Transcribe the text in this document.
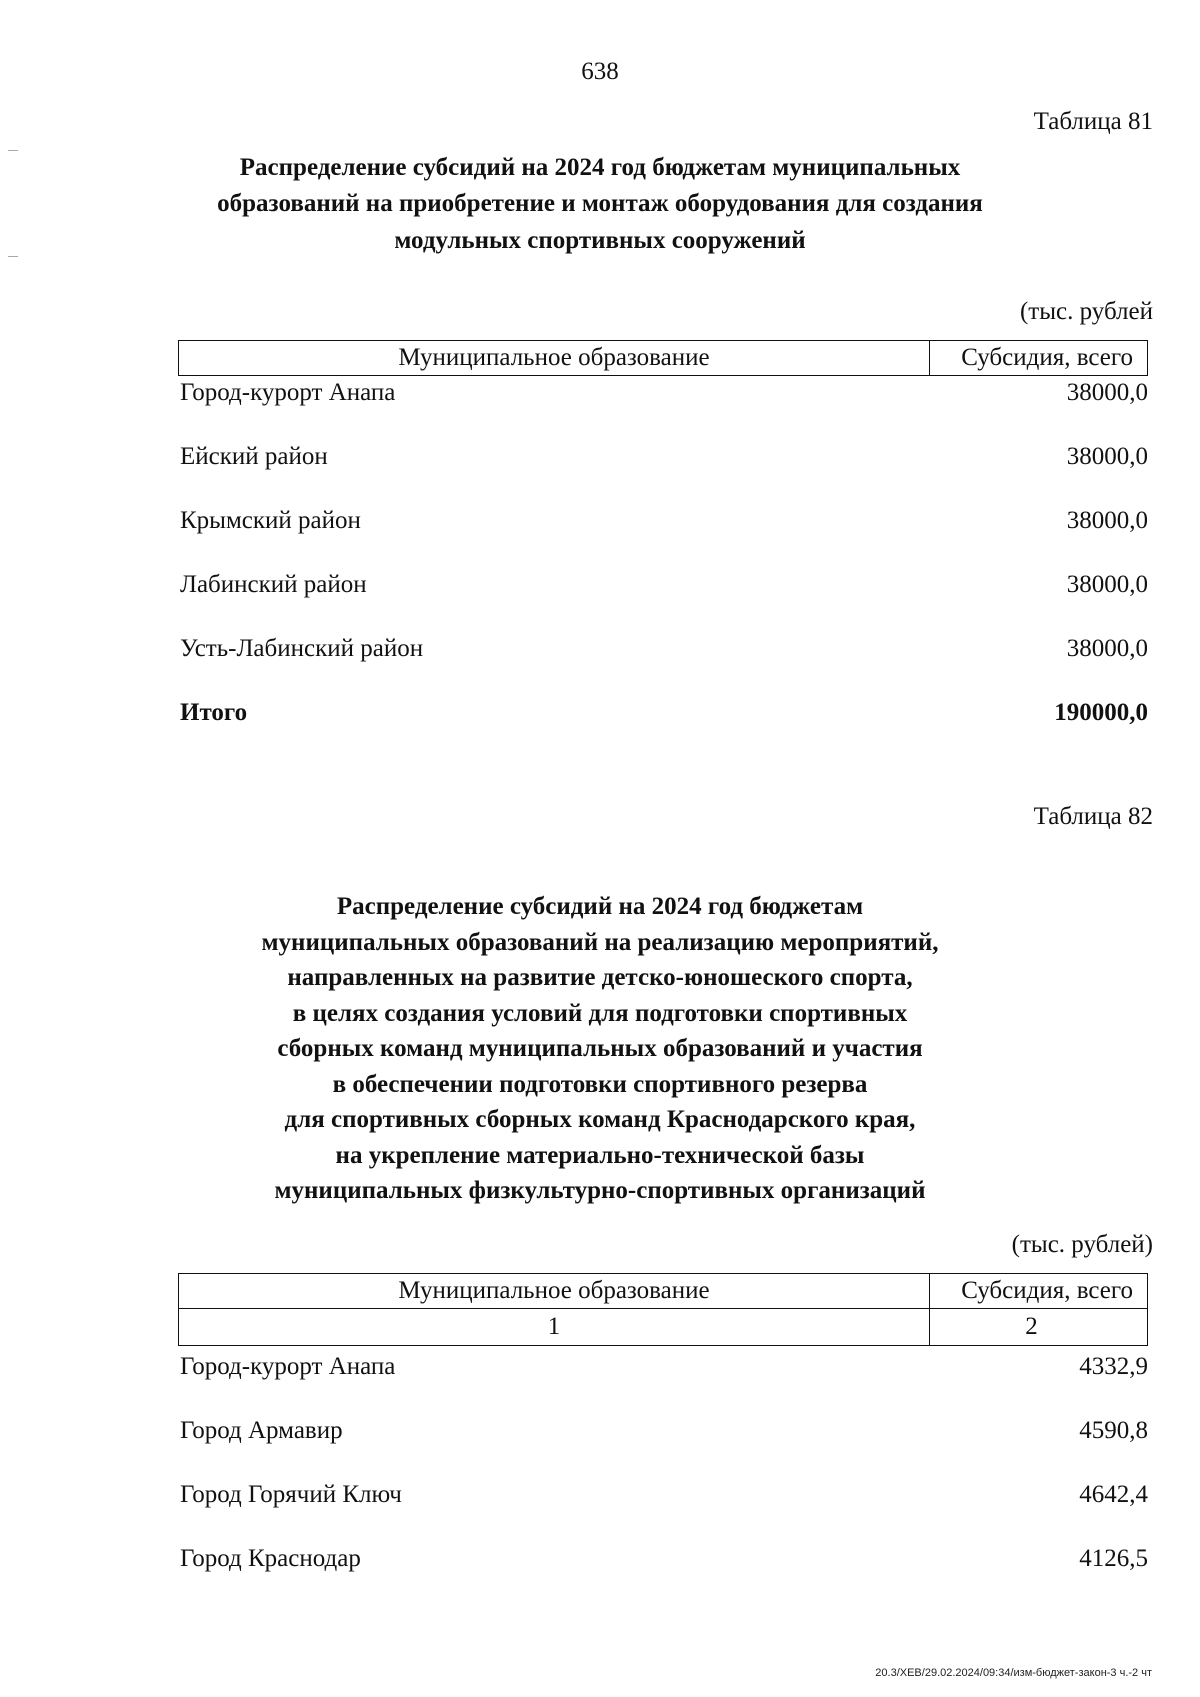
638
Таблица 81
Распределение субсидий на 2024 год бюджетам муниципальных
образований на приобретение и монтаж оборудования для создания
модульных спортивных сооружений
(тыс. рублей
Муниципальное образование	Субсидия, всего
Город-курорт Анапа	38000,0
Ейский район	38000,0
Крымский район	38000,0
Лабинский район	38000,0
Усть-Лабинский район	38000,0
Итого	190000,0
Таблица 82
Распределение субсидий на 2024 год бюджетам
муниципальных образований на реализацию мероприятий,
направленных на развитие детско-юношеского спорта,
в целях создания условий для подготовки спортивных
сборных команд муниципальных образований и участия
в обеспечении подготовки спортивного резерва
для спортивных сборных команд Краснодарского края,
на укрепление материально-технической базы
муниципальных физкультурно-спортивных организаций
(тыс. рублей)
Муниципальное образование	Субсидия, всего
1	2
Город-курорт Анапа	4332,9
Город Армавир	4590,8
Город Горячий Ключ	4642,4
Город Краснодар	4126,5
20.3/ХЕВ/29.02.2024/09:34/изм-бюджет-закон-3 ч.-2 чт
